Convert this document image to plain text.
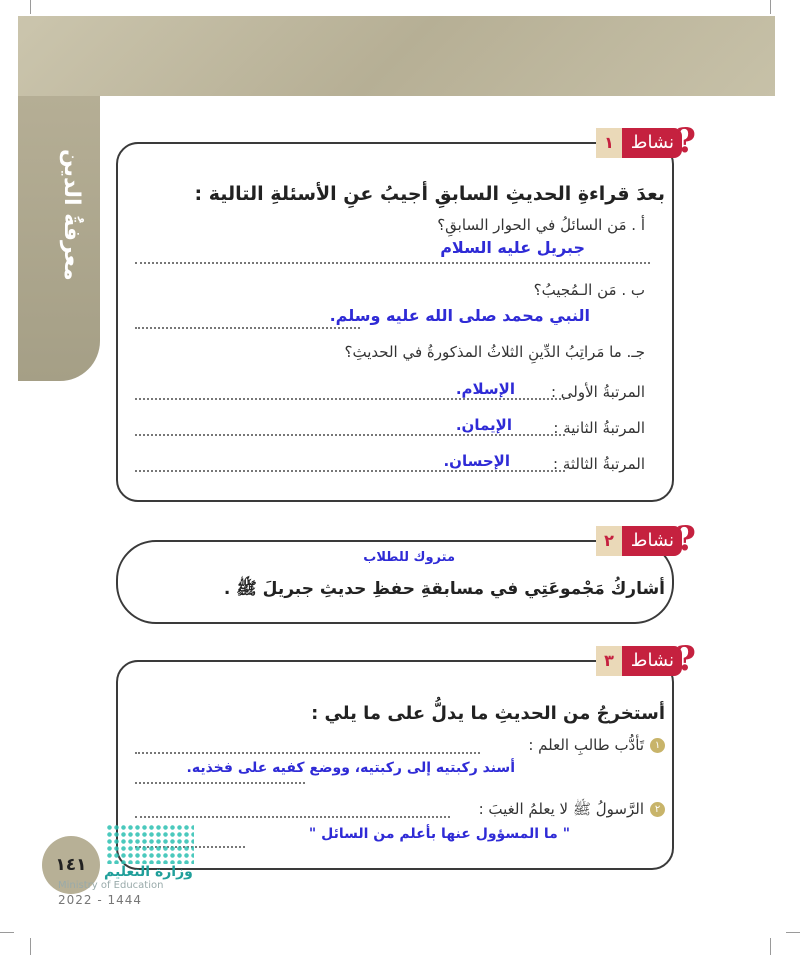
معرفةُ الدين
نشاط
١ ?
بعدَ قراءةِ الحديثِ السابقِ أجيبُ عنِ الأسئلةِ التالية :
أ . مَن السائلُ في الحوار السابقِ؟
جبريل عليه السلام
ب . مَن الـمُجيبُ؟
النبي محمد صلى الله عليه وسلم.
جـ. ما مَراتِبُ الدِّينِ الثلاثُ المذكورةُ في الحديثِ؟
المرتبةُ الأولى :
الإسلام.
المرتبةُ الثانية :
الإيمان.
المرتبةُ الثالثة :
الإحسان.
نشاط
٢ ?
متروك للطلاب
أشاركُ مَجْموعَتِي في مسابقةِ حفظِ حديثِ جبريلَ ﷺ .
نشاط
٣ ?
أستخرجُ من الحديثِ ما يدلُّ على ما يلي :
١تَأدُّب طالبِ العلم :
أسند ركبتيه إلى ركبتيه، ووضع كفيه على فخذيه.
٢الرَّسولُ ﷺ لا يعلمُ الغيبَ :
" ما المسؤول عنها بأعلم من السائل "
١٤١	وزارة التعليم
Ministry of Education
2022 - 1444
